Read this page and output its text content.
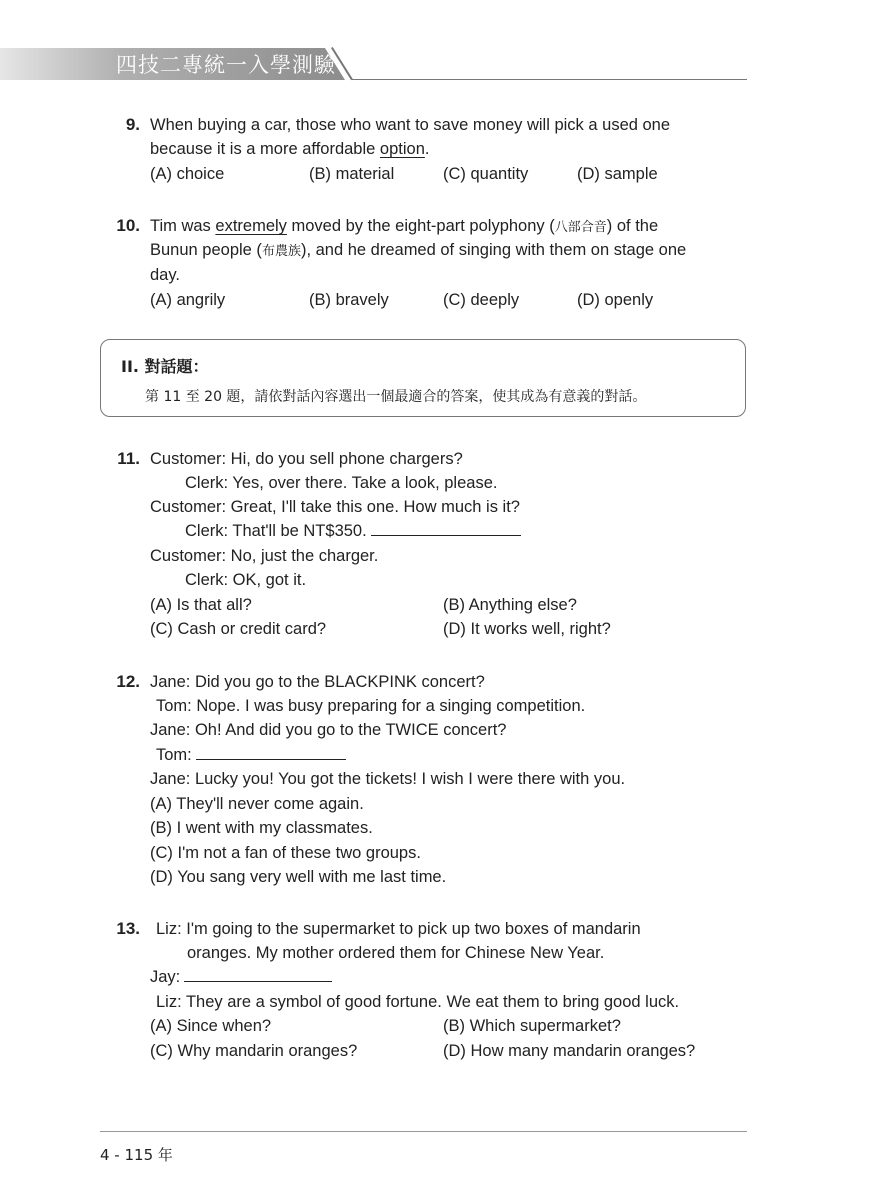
四技二專統一入學測驗
9. When buying a car, those who want to save money will pick a used one
because it is a more affordable option.
(A) choice	(B) material	(C) quantity	(D) sample
10. Tim was extremely moved by the eight-part polyphony (八部合音) of the
Bunun people (布農族), and he dreamed of singing with them on stage one
day.
(A) angrily	(B) bravely	(C) deeply	(D) openly
II. 對話題：
第 11 至 20 題，請依對話內容選出一個最適合的答案，使其成為有意義的對話。
11. Customer: Hi, do you sell phone chargers?
Clerk: Yes, over there. Take a look, please.
Customer: Great, I'll take this one. How much is it?
Clerk: That'll be NT$350.
Customer: No, just the charger.
Clerk: OK, got it.
(A) Is that all?	(B) Anything else?
(C) Cash or credit card?	(D) It works well, right?
12. Jane: Did you go to the BLACKPINK concert?
Tom: Nope. I was busy preparing for a singing competition.
Jane: Oh! And did you go to the TWICE concert?
Tom:
Jane: Lucky you! You got the tickets! I wish I were there with you.
(A) They'll never come again.
(B) I went with my classmates.
(C) I'm not a fan of these two groups.
(D) You sang very well with me last time.
13. Liz: I'm going to the supermarket to pick up two boxes of mandarin
oranges. My mother ordered them for Chinese New Year.
Jay:
Liz: They are a symbol of good fortune. We eat them to bring good luck.
(A) Since when?	(B) Which supermarket?
(C) Why mandarin oranges?	(D) How many mandarin oranges?
4 - 115 年
